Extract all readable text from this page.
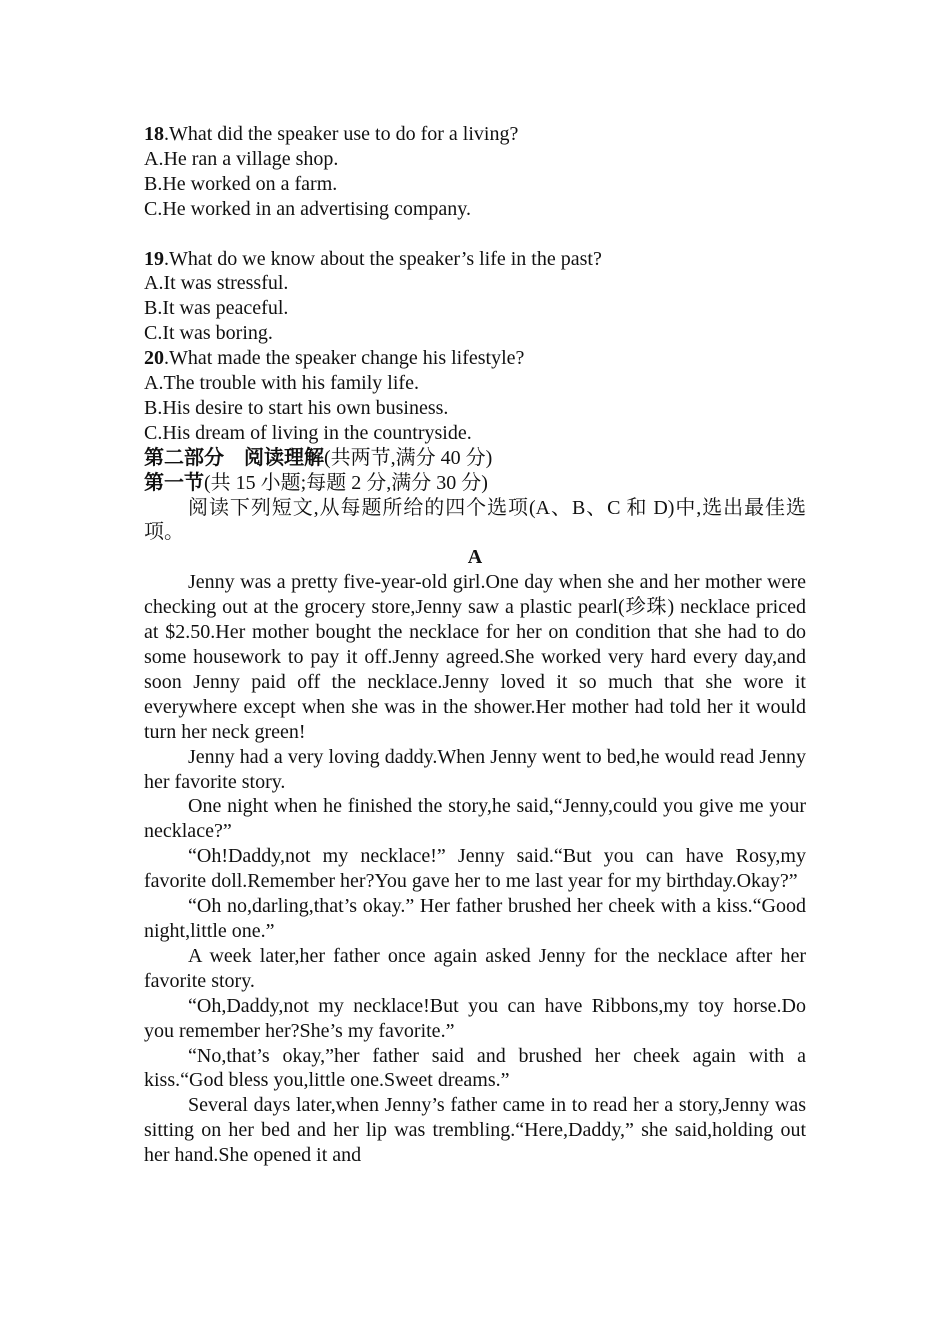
18.What did the speaker use to do for a living?
A.He ran a village shop.
B.He worked on a farm.
C.He worked in an advertising company.
19.What do we know about the speaker’s life in the past?
A.It was stressful.
B.It was peaceful.
C.It was boring.
20.What made the speaker change his lifestyle?
A.The trouble with his family life.
B.His desire to start his own business.
C.His dream of living in the countryside.
第二部分　阅读理解(共两节,满分 40 分)
第一节(共 15 小题;每题 2 分,满分 30 分)

阅读下列短文,从每题所给的四个选项(A、B、C 和 D)中,选出最佳选项。

A

Jenny was a pretty five-year-old girl.One day when she and her mother were checking out at the grocery store,Jenny saw a plastic pearl(珍珠) necklace priced at $2.50.Her mother bought the necklace for her on condition that she had to do some housework to pay it off.Jenny agreed.She worked very hard every day,and soon Jenny paid off the necklace.Jenny loved it so much that she wore it everywhere except when she was in the shower.Her mother had told her it would turn her neck green!

Jenny had a very loving daddy.When Jenny went to bed,he would read Jenny her favorite story.

One night when he finished the story,he said,“Jenny,could you give me your necklace?”

“Oh!Daddy,not my necklace!” Jenny said.“But you can have Rosy,my favorite doll.Remember her?You gave her to me last year for my birthday.Okay?”

“Oh no,darling,that’s okay.” Her father brushed her cheek with a kiss.“Good night,little one.”

A week later,her father once again asked Jenny for the necklace after her favorite story.

“Oh,Daddy,not my necklace!But you can have Ribbons,my toy horse.Do you remember her?She’s my favorite.”

“No,that’s okay,”her father said and brushed her cheek again with a kiss.“God bless you,little one.Sweet dreams.”

Several days later,when Jenny’s father came in to read her a story,Jenny was sitting on her bed and her lip was trembling.“Here,Daddy,” she said,holding out her hand.She opened it and
